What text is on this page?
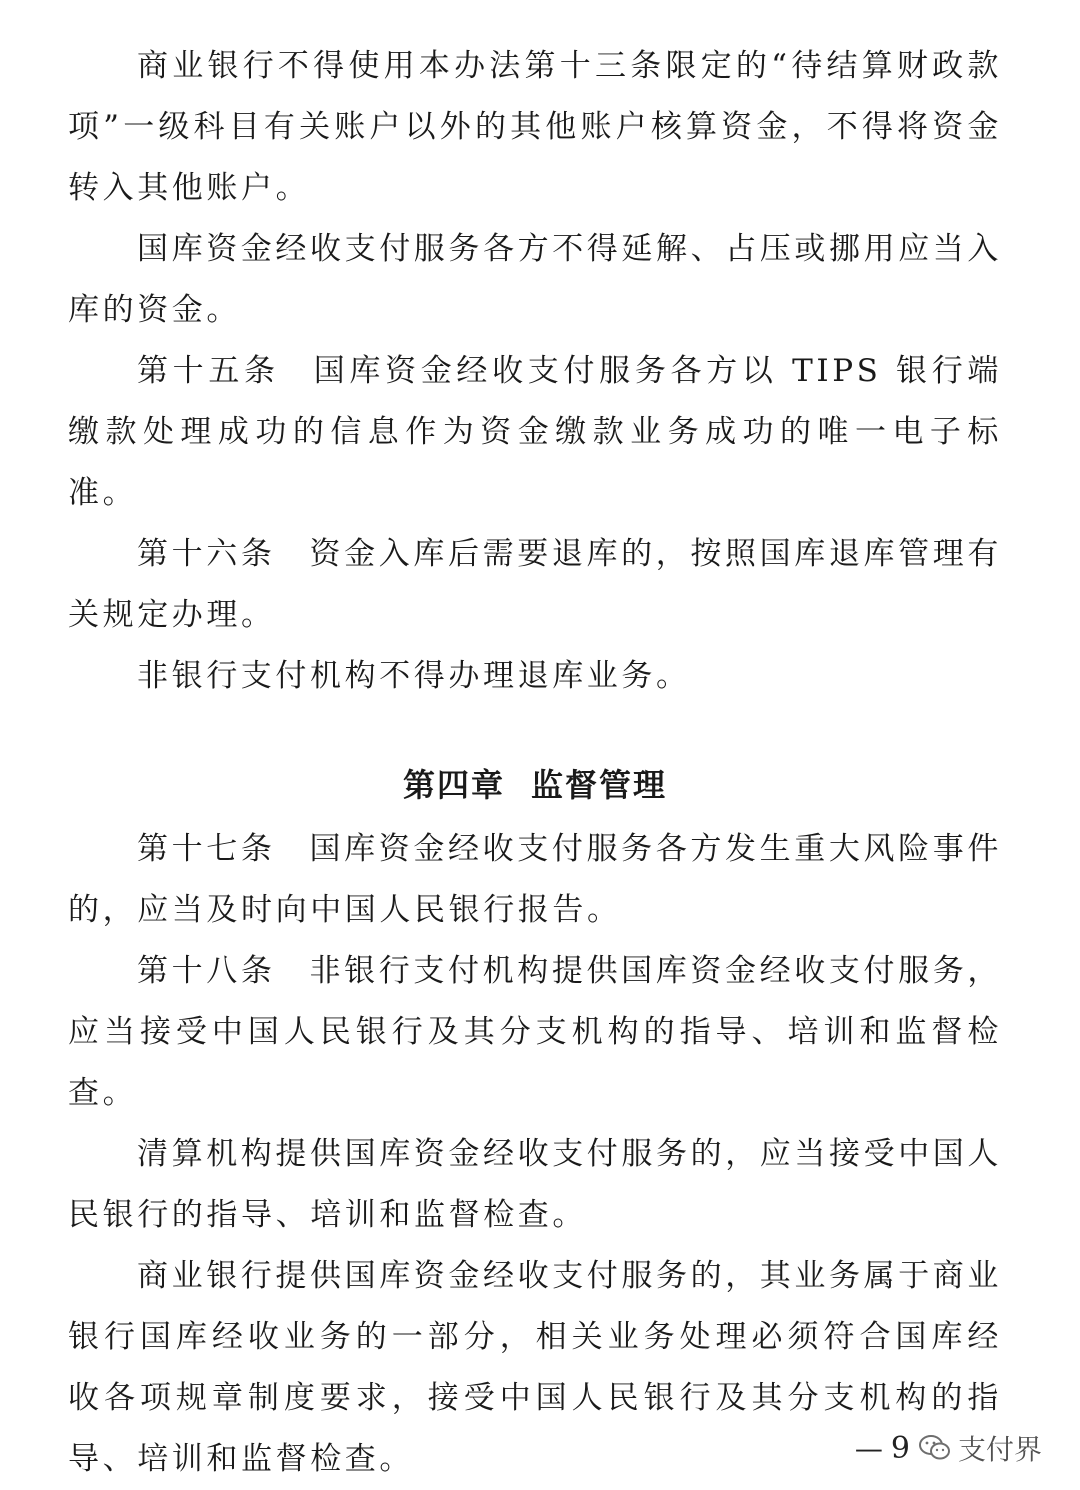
商业银行不得使用本办法第十三条限定的“待结算财政款项”一级科目有关账户以外的其他账户核算资金，不得将资金转入其他账户。

国库资金经收支付服务各方不得延解、占压或挪用应当入库的资金。

第十五条 国库资金经收支付服务各方以 TIPS 银行端缴款处理成功的信息作为资金缴款业务成功的唯一电子标准。

第十六条 资金入库后需要退库的，按照国库退库管理有关规定办理。

非银行支付机构不得办理退库业务。

第四章 监督管理

第十七条 国库资金经收支付服务各方发生重大风险事件的，应当及时向中国人民银行报告。

第十八条 非银行支付机构提供国库资金经收支付服务，应当接受中国人民银行及其分支机构的指导、培训和监督检查。

清算机构提供国库资金经收支付服务的，应当接受中国人民银行的指导、培训和监督检查。

商业银行提供国库资金经收支付服务的，其业务属于商业银行国库经收业务的一部分，相关业务处理必须符合国库经收各项规章制度要求，接受中国人民银行及其分支机构的指导、培训和监督检查。	— 9 支付界
